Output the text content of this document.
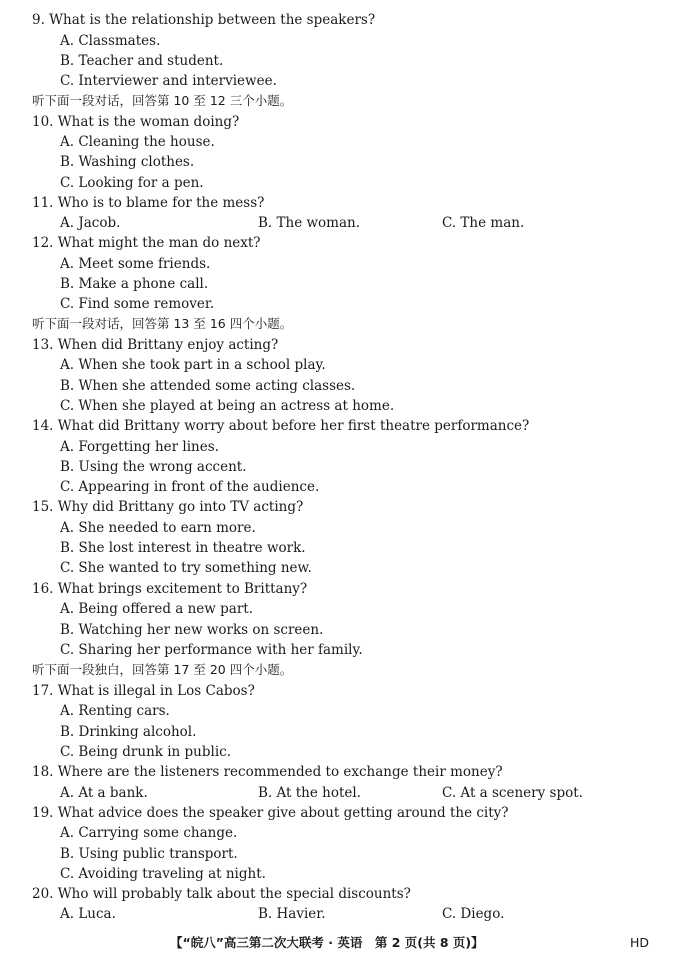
9. What is the relationship between the speakers?
A. Classmates.
B. Teacher and student.
C. Interviewer and interviewee.
听下面一段对话，回答第 10 至 12 三个小题。
10. What is the woman doing?
A. Cleaning the house.
B. Washing clothes.
C. Looking for a pen.
11. Who is to blame for the mess?
A. Jacob.	B. The woman.	C. The man.
12. What might the man do next?
A. Meet some friends.
B. Make a phone call.
C. Find some remover.
听下面一段对话，回答第 13 至 16 四个小题。
13. When did Brittany enjoy acting?
A. When she took part in a school play.
B. When she attended some acting classes.
C. When she played at being an actress at home.
14. What did Brittany worry about before her first theatre performance?
A. Forgetting her lines.
B. Using the wrong accent.
C. Appearing in front of the audience.
15. Why did Brittany go into TV acting?
A. She needed to earn more.
B. She lost interest in theatre work.
C. She wanted to try something new.
16. What brings excitement to Brittany?
A. Being offered a new part.
B. Watching her new works on screen.
C. Sharing her performance with her family.
听下面一段独白，回答第 17 至 20 四个小题。
17. What is illegal in Los Cabos?
A. Renting cars.
B. Drinking alcohol.
C. Being drunk in public.
18. Where are the listeners recommended to exchange their money?
A. At a bank.	B. At the hotel.	C. At a scenery spot.
19. What advice does the speaker give about getting around the city?
A. Carrying some change.
B. Using public transport.
C. Avoiding traveling at night.
20. Who will probably talk about the special discounts?
A. Luca.	B. Havier.	C. Diego.
【“皖八”高三第二次大联考 · 英语　第 2 页(共 8 页)】	HD
